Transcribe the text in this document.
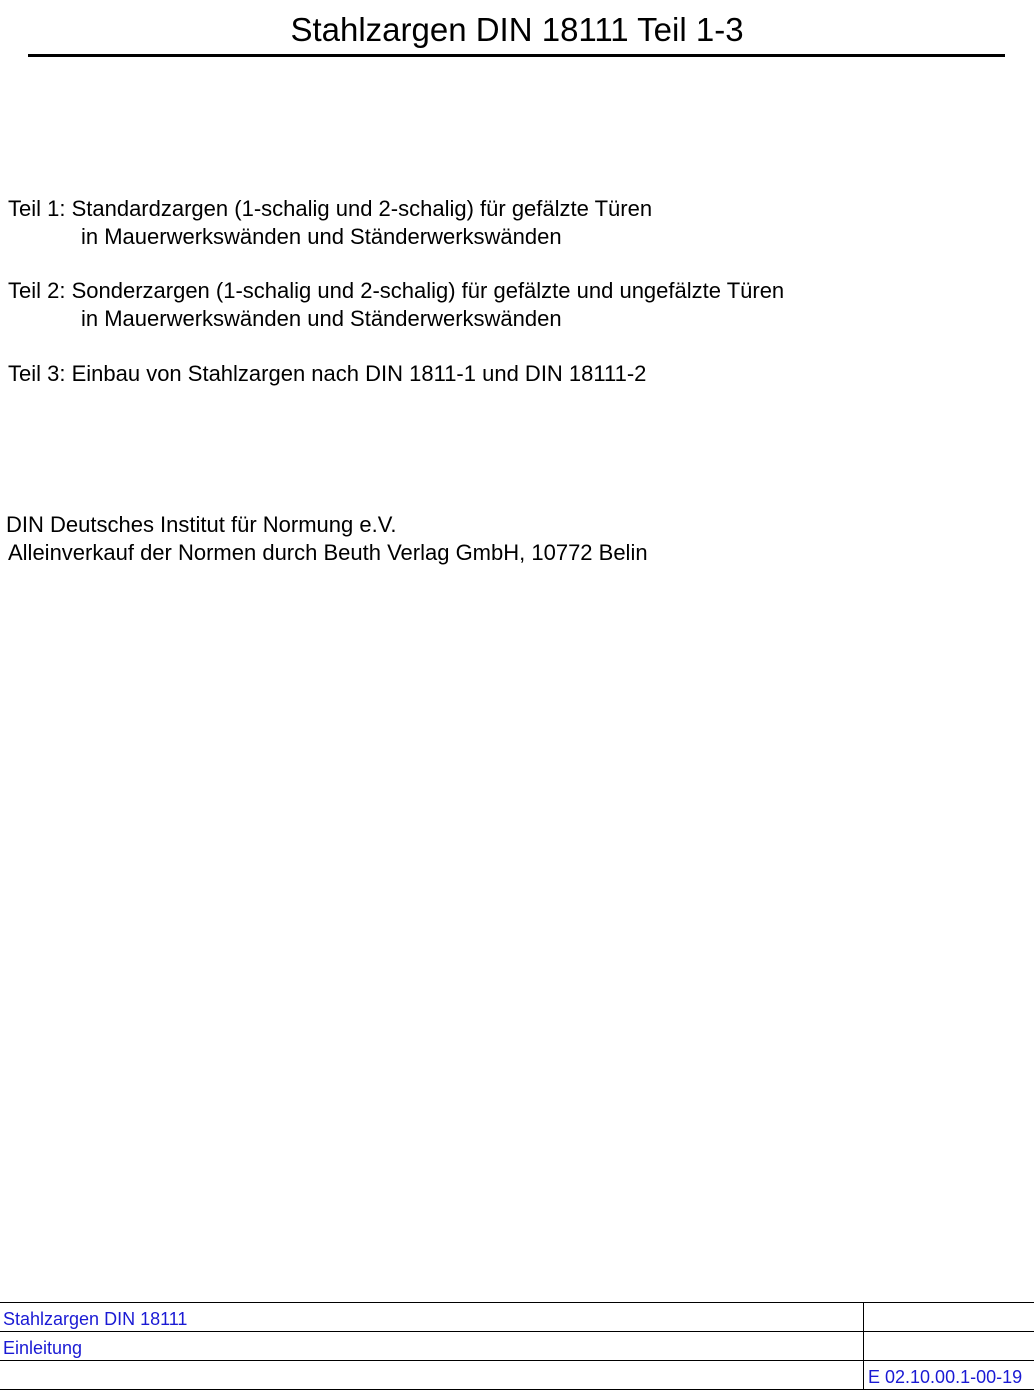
Stahlzargen DIN 18111 Teil 1-3
Teil 1: Standardzargen (1-schalig und 2-schalig) für gefälzte Türen
in Mauerwerkswänden und Ständerwerkswänden
Teil 2: Sonderzargen (1-schalig und 2-schalig) für gefälzte und ungefälzte Türen
in Mauerwerkswänden und Ständerwerkswänden
Teil 3: Einbau von Stahlzargen nach DIN 1811-1 und DIN 18111-2
DIN Deutsches Institut für Normung e.V.
Alleinverkauf der Normen durch Beuth Verlag GmbH, 10772 Belin
Stahlzargen DIN 18111
Einleitung
E 02.10.00.1-00-19
